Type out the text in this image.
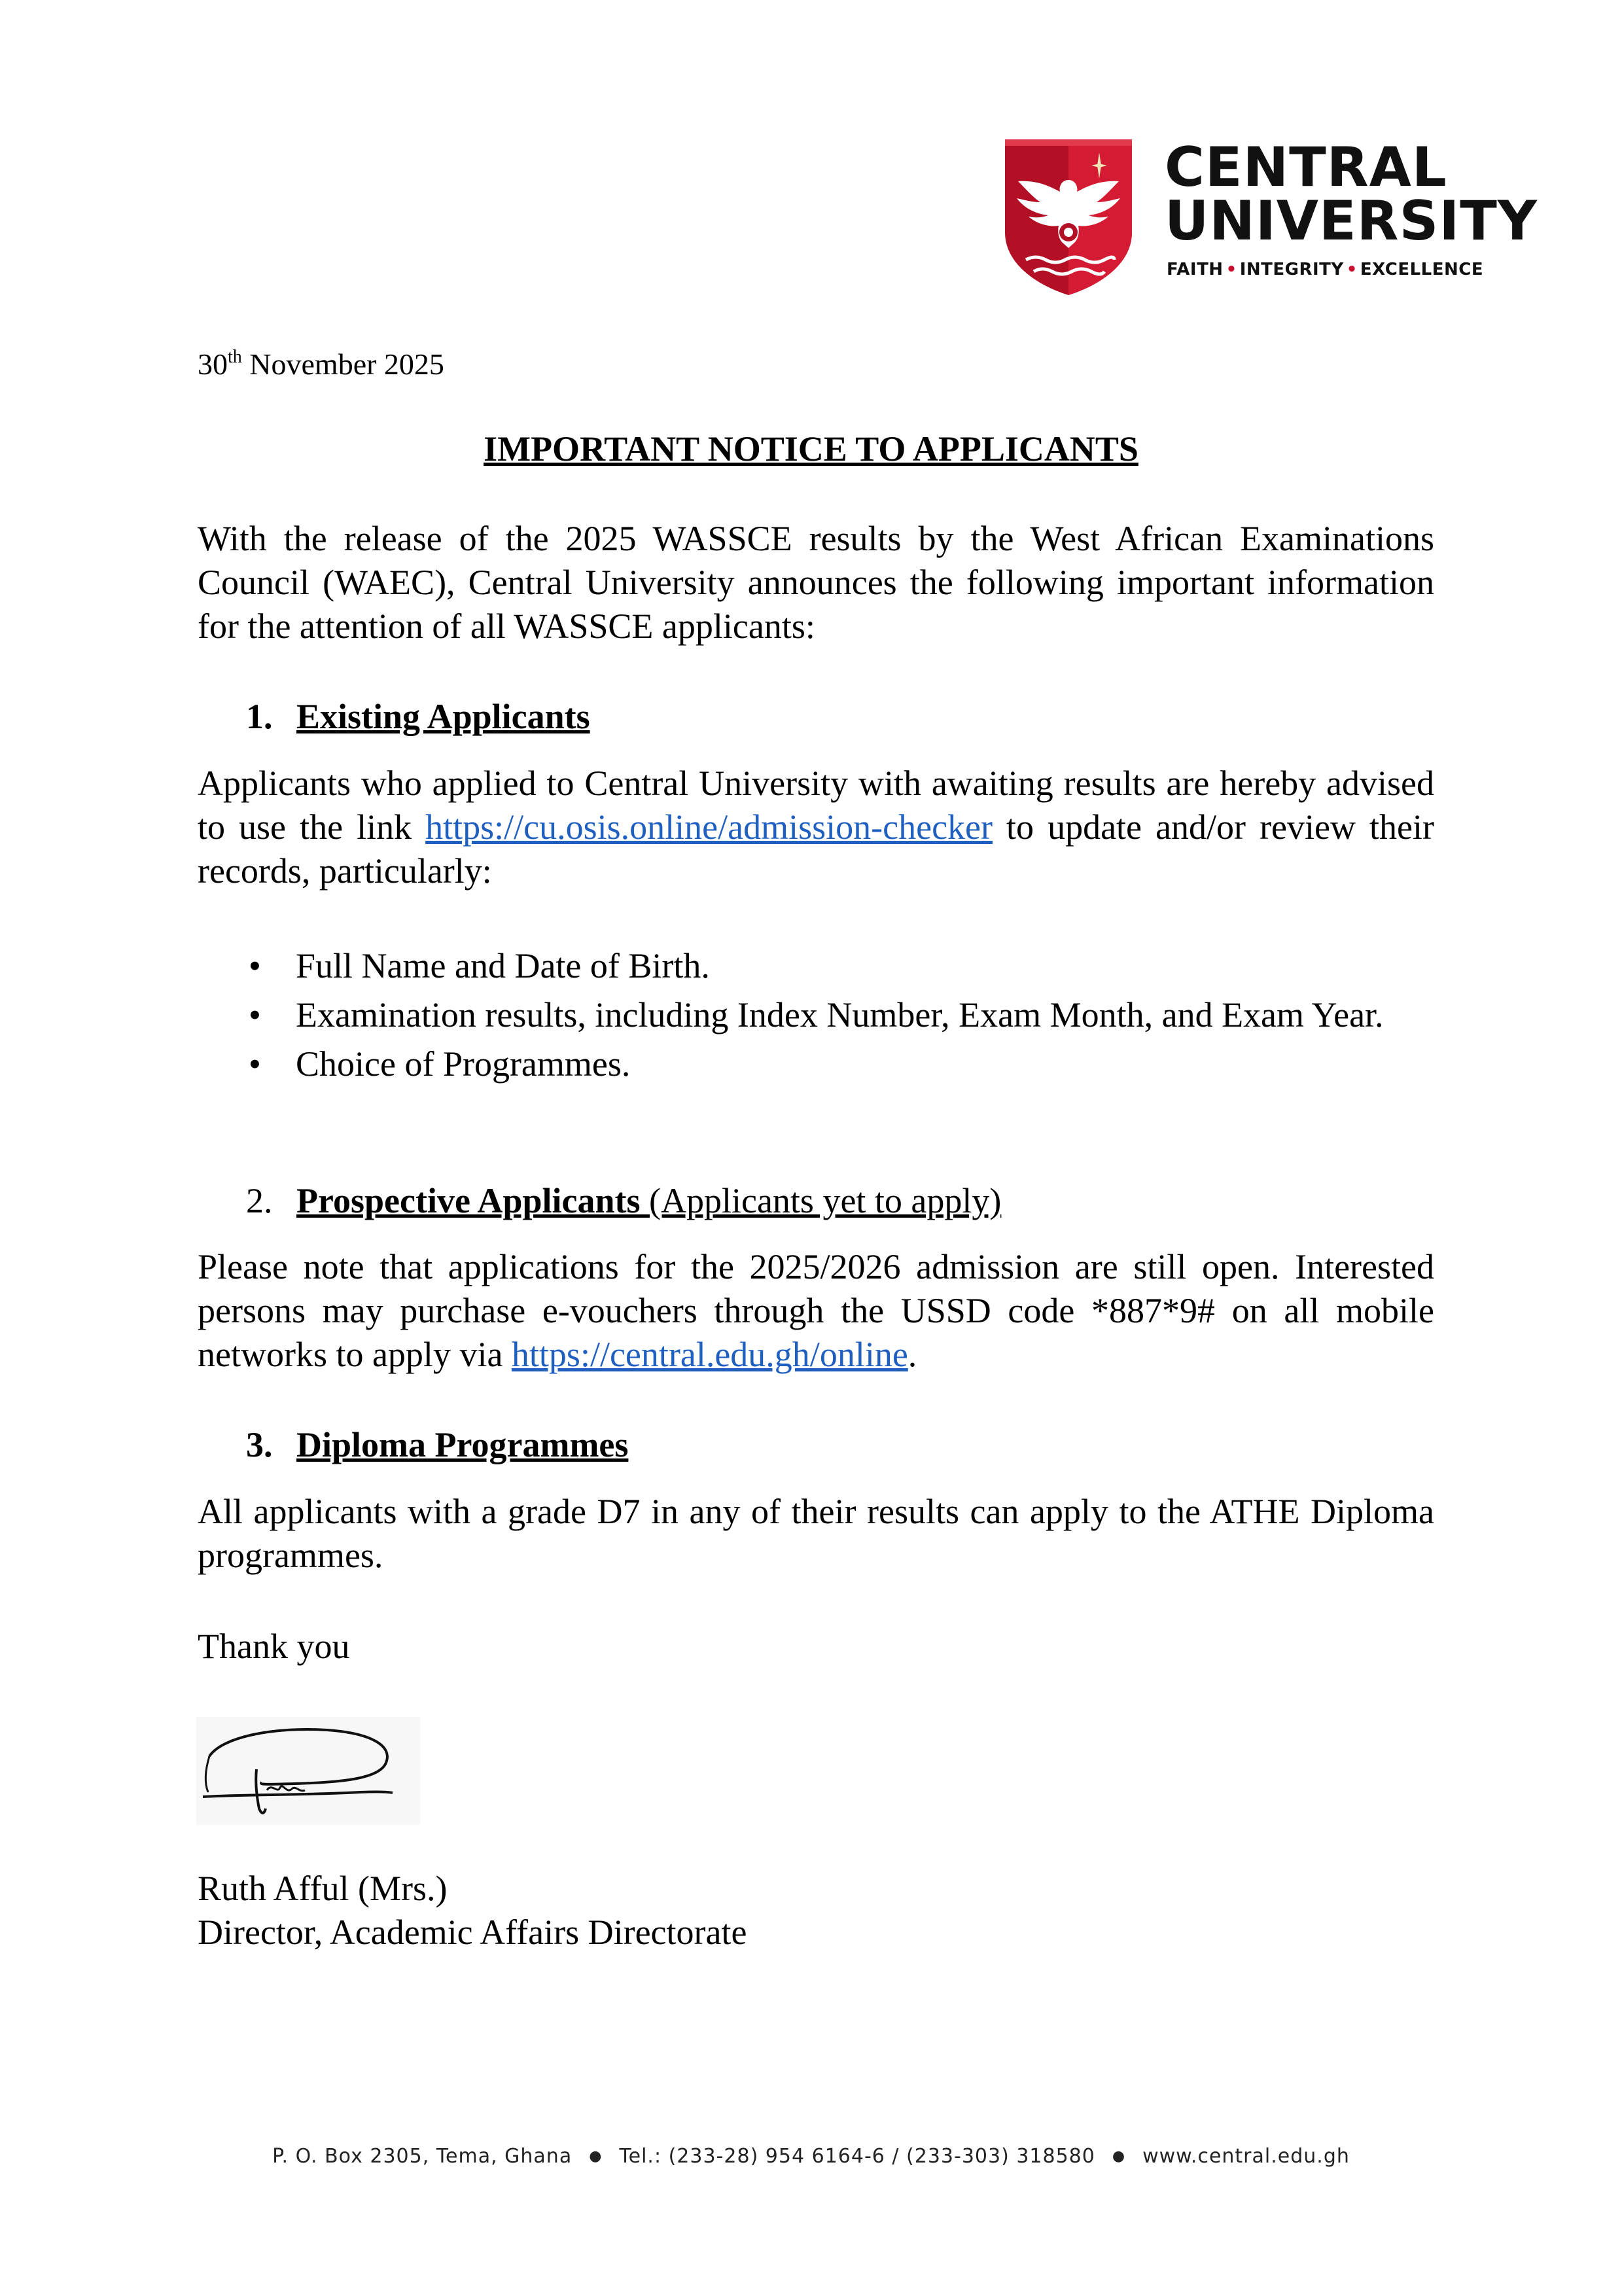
CENTRAL
UNIVERSITY
FAITH • INTEGRITY • EXCELLENCE
30th November 2025
IMPORTANT NOTICE TO APPLICANTS

With the release of the 2025 WASSCE results by the West African Examinations Council (WAEC), Central University announces the following important information for the attention of all WASSCE applicants:

1. Existing Applicants

Applicants who applied to Central University with awaiting results are hereby advised to use the link https://cu.osis.online/admission-checker to update and/or review their records, particularly:

• Full Name and Date of Birth.
• Examination results, including Index Number, Exam Month, and Exam Year.
• Choice of Programmes.
2. Prospective Applicants (Applicants yet to apply)

Please note that applications for the 2025/2026 admission are still open. Interested persons may purchase e-vouchers through the USSD code *887*9# on all mobile networks to apply via https://central.edu.gh/online.

3. Diploma Programmes

All applicants with a grade D7 in any of their results can apply to the ATHE Diploma programmes.

Thank you

Ruth Afful (Mrs.)

Director, Academic Affairs Directorate

P. O. Box 2305, Tema, Ghana ● Tel.: (233-28) 954 6164-6 / (233-303) 318580 ● www.central.edu.gh
